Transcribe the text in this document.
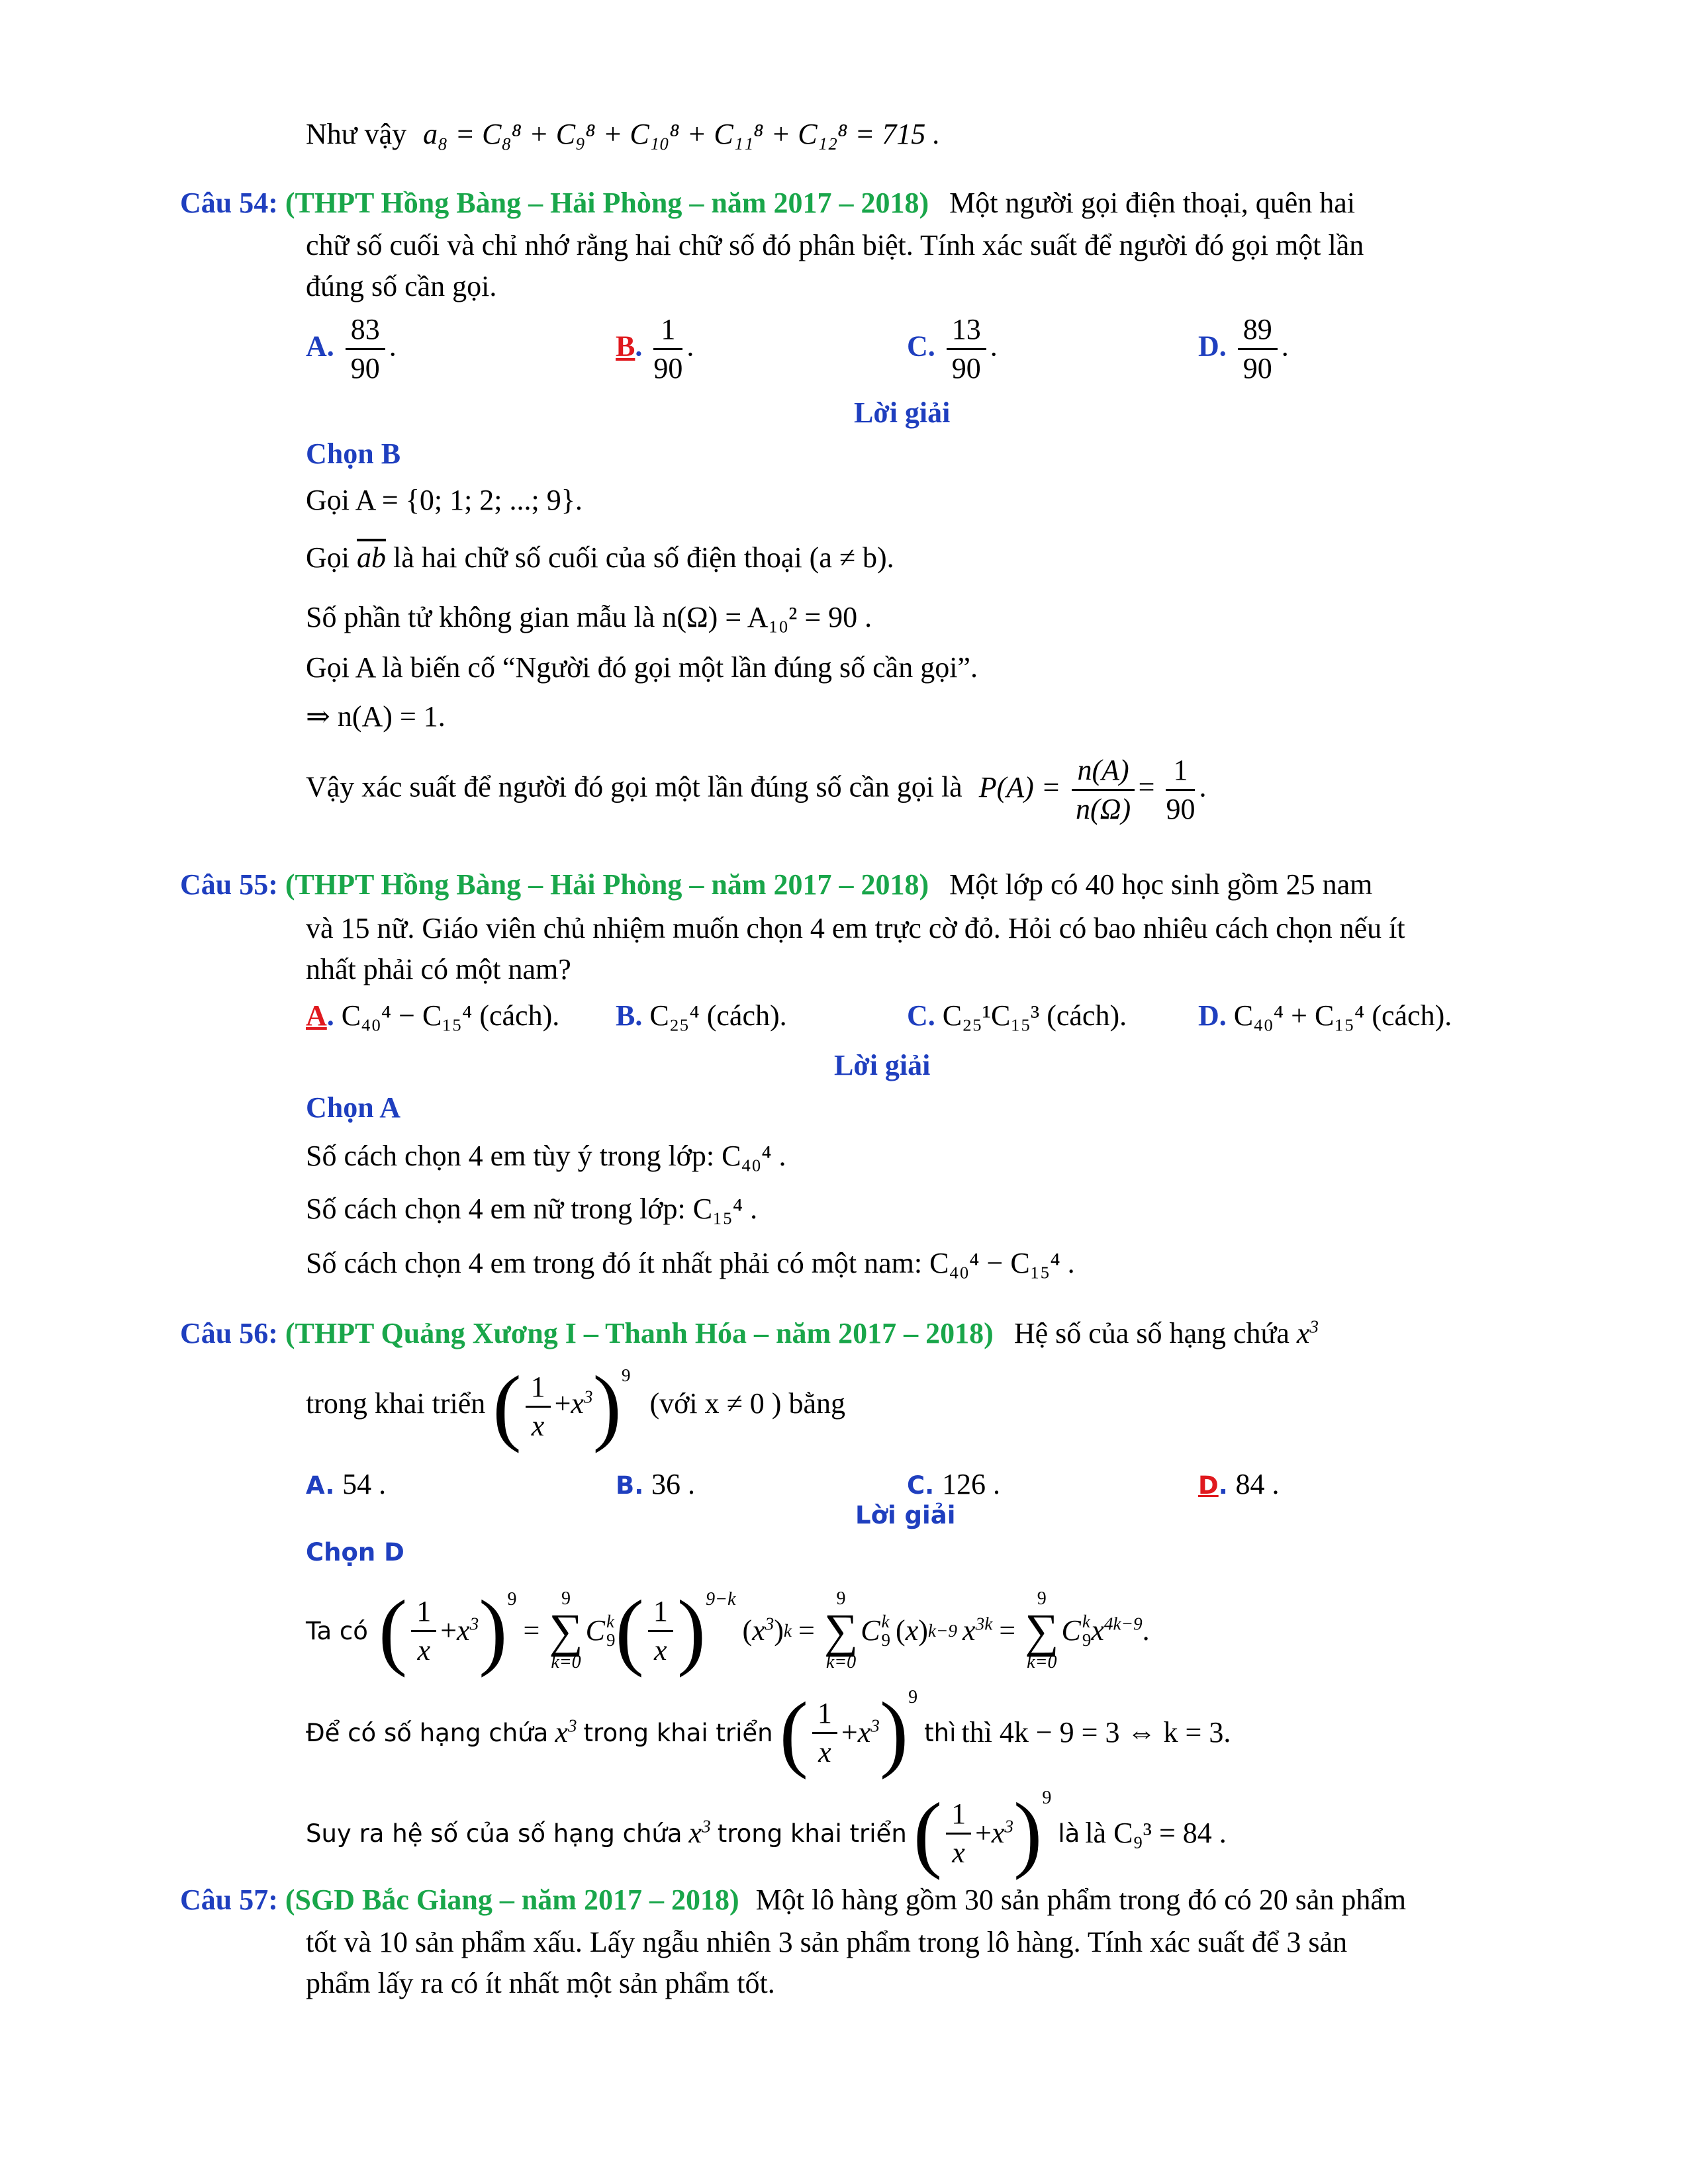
Như vậy a₈ = C₈⁸ + C₉⁸ + C₁₀⁸ + C₁₁⁸ + C₁₂⁸ = 715 .
Câu 54: (THPT Hồng Bàng – Hải Phòng – năm 2017 – 2018) Một người gọi điện thoại, quên hai
chữ số cuối và chỉ nhớ rằng hai chữ số đó phân biệt. Tính xác suất để người đó gọi một lần
đúng số cần gọi.
A. $\frac{83}{90}$ .	B. $\frac{1}{90}$ .	C. $\frac{13}{90}$ .	D. $\frac{89}{90}$ .
Lời giải
Chọn B
Gọi A = {0; 1; 2; ...; 9}.
Gọi $\overline{ab}$ là hai chữ số cuối của số điện thoại (a ≠ b).
Số phần tử không gian mẫu là n(Ω) = A₁₀² = 90 .
Gọi A là biến cố “Người đó gọi một lần đúng số cần gọi”.
⇒ n(A) = 1.
Vậy xác suất để người đó gọi một lần đúng số cần gọi là $P(A) = \frac{n(A)}{n(\Omega)} = \frac{1}{90}$ .
Câu 55: (THPT Hồng Bàng – Hải Phòng – năm 2017 – 2018) Một lớp có 40 học sinh gồm 25 nam
và 15 nữ. Giáo viên chủ nhiệm muốn chọn 4 em trực cờ đỏ. Hỏi có bao nhiêu cách chọn nếu ít
nhất phải có một nam?
A. C₄₀⁴ − C₁₅⁴ (cách). B. C₂₅⁴ (cách).	C. C₂₅¹C₁₅³ (cách). D. C₄₀⁴ + C₁₅⁴ (cách).
Lời giải
Chọn A
Số cách chọn 4 em tùy ý trong lớp: C₄₀⁴ .
Số cách chọn 4 em nữ trong lớp: C₁₅⁴ .
Số cách chọn 4 em trong đó ít nhất phải có một nam: C₄₀⁴ − C₁₅⁴ .
Câu 56: (THPT Quảng Xương I – Thanh Hóa – năm 2017 – 2018) Hệ số của số hạng chứa $x^3$
trong khai triển ( $\frac{1}{x} +x^3)^9$ (với x ≠ 0 ) bằng
A. 54 .	B. 36 .	C. 126 .	D. 84 .
Lời giải
Chọn D
Ta có ( $\frac{1}{x} + x^3$ ) 9
=
9
∑
k=0
C k
9 ( $\frac{1}{x}$ ) 9−k
( $x^3$ ) k =
9
∑
k=0
C k
9 ( x ) k−9 $x^{3k}$ =
9
∑
k=0
C k
9 $x^{4k-9}$ .
Để có số hạng chứa $x^3$ trong khai triển ( $\frac{1}{x} + x^3$ ) 9
thì thì 4k − 9 = 3 ⇔ k = 3.
Suy ra hệ số của số hạng chứa $x^3$ trong khai triển ( $\frac{1}{x} + x^3$ ) 9
là là C₉³ = 84 .
Câu 57: (SGD Bắc Giang – năm 2017 – 2018) Một lô hàng gồm 30 sản phẩm trong đó có 20 sản phẩm
tốt và 10 sản phẩm xấu. Lấy ngẫu nhiên 3 sản phẩm trong lô hàng. Tính xác suất để 3 sản
phẩm lấy ra có ít nhất một sản phẩm tốt.
